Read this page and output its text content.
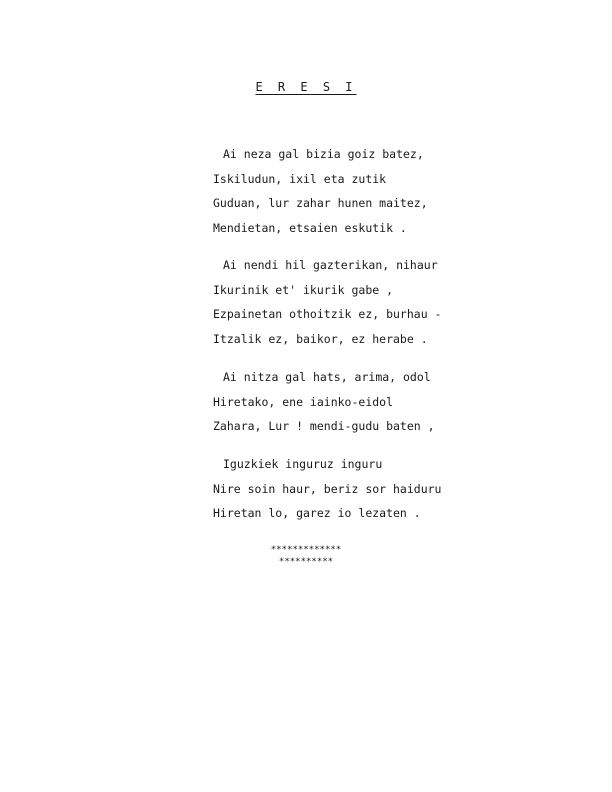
E R E S I
Ai neza gal bizia goiz batez,
Iskiludun, ixil eta zutik
Guduan, lur zahar hunen maitez,
Mendietan, etsaien eskutik .
Ai nendi hil gazterikan, nihaur
Ikurinik et' ikurik gabe ,
Ezpainetan othoitzik ez, burhau -
Itzalik ez, baikor, ez herabe .
Ai nitza gal hats, arima, odol
Hiretako, ene iainko-eidol
Zahara, Lur ! mendi-gudu baten ,
Iguzkiek inguruz inguru
Nire soin haur, beriz sor haiduru
Hiretan lo, garez io lezaten .
*************
**********
